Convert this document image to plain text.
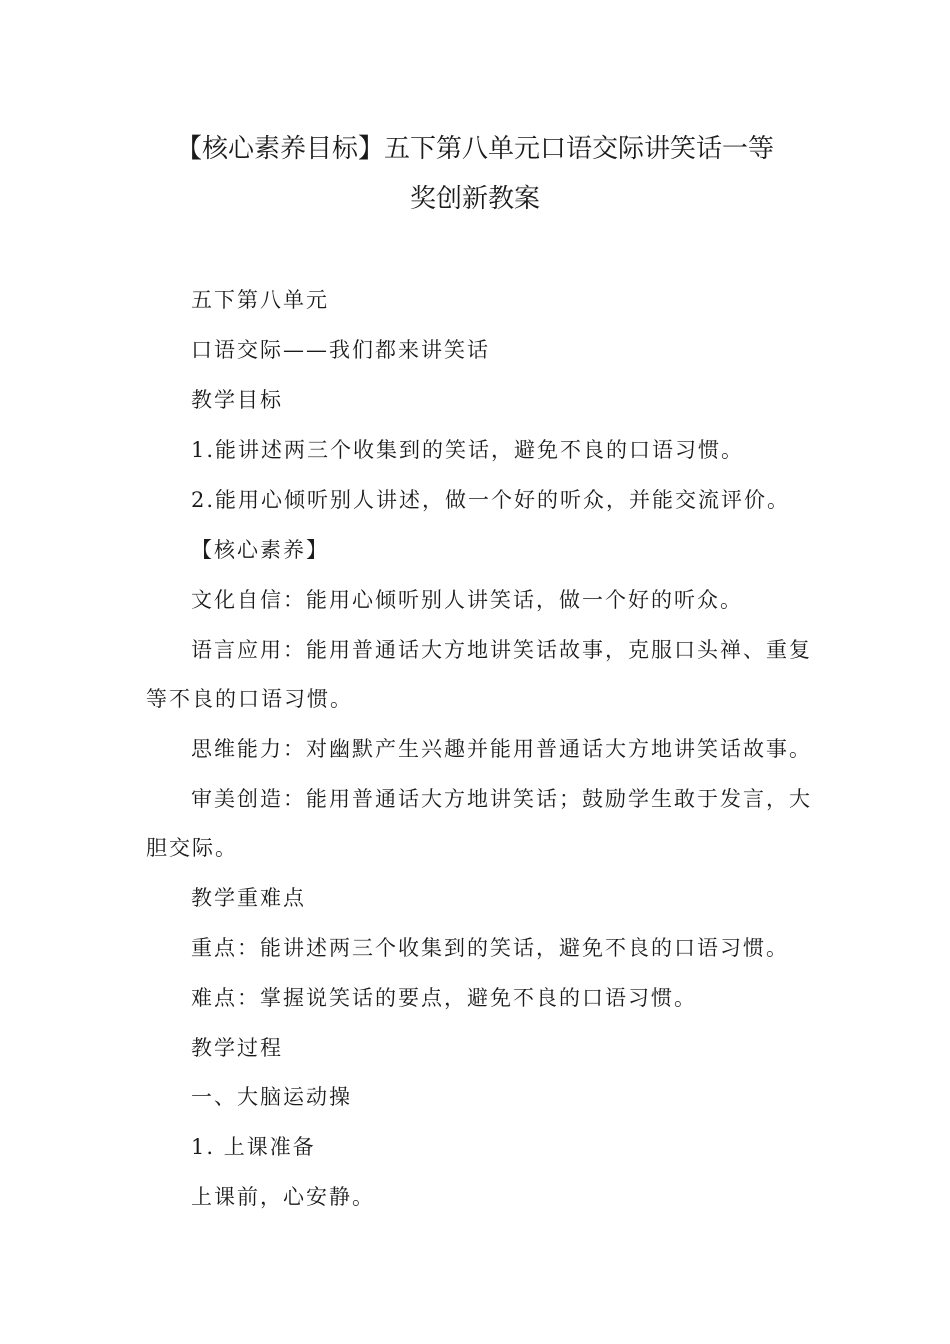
【核心素养目标】五下第八单元口语交际讲笑话一等
奖创新教案

五下第八单元

口语交际——我们都来讲笑话

教学目标

1.能讲述两三个收集到的笑话，避免不良的口语习惯。

2.能用心倾听别人讲述，做一个好的听众，并能交流评价。

【核心素养】

文化自信：能用心倾听别人讲笑话，做一个好的听众。

语言应用：能用普通话大方地讲笑话故事，克服口头禅、重复

等不良的口语习惯。

思维能力：对幽默产生兴趣并能用普通话大方地讲笑话故事。

审美创造：能用普通话大方地讲笑话；鼓励学生敢于发言，大

胆交际。

教学重难点

重点：能讲述两三个收集到的笑话，避免不良的口语习惯。

难点：掌握说笑话的要点，避免不良的口语习惯。

教学过程

一、大脑运动操

1. 上课准备

上课前，心安静。
